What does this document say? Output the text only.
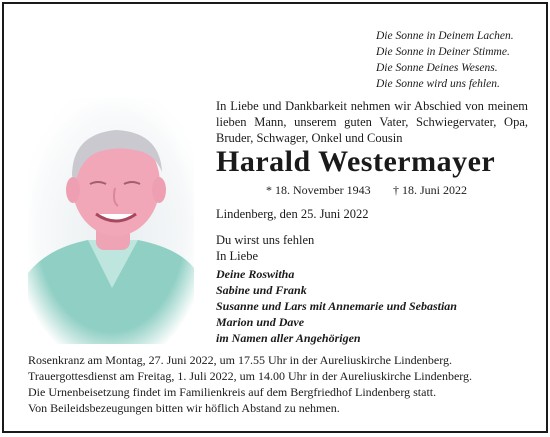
Die Sonne in Deinem Lachen.
Die Sonne in Deiner Stimme.
Die Sonne Deines Wesens.
Die Sonne wird uns fehlen.
In Liebe und Dankbarkeit nehmen wir Abschied von meinem lieben Mann, unserem guten Vater, Schwiegervater, Opa, Bruder, Schwager, Onkel und Cousin
Harald Westermayer
* 18. November 1943 † 18. Juni 2022
Lindenberg, den 25. Juni 2022
Du wirst uns fehlen
In Liebe
Deine Roswitha
Sabine und Frank
Susanne und Lars mit Annemarie und Sebastian
Marion und Dave
im Namen aller Angehörigen
Rosenkranz am Montag, 27. Juni 2022, um 17.55 Uhr in der Aureliuskirche Lindenberg.
Trauergottesdienst am Freitag, 1. Juli 2022, um 14.00 Uhr in der Aureliuskirche Lindenberg.
Die Urnenbeisetzung findet im Familienkreis auf dem Bergfriedhof Lindenberg statt.
Von Beileidsbezeugungen bitten wir höflich Abstand zu nehmen.
